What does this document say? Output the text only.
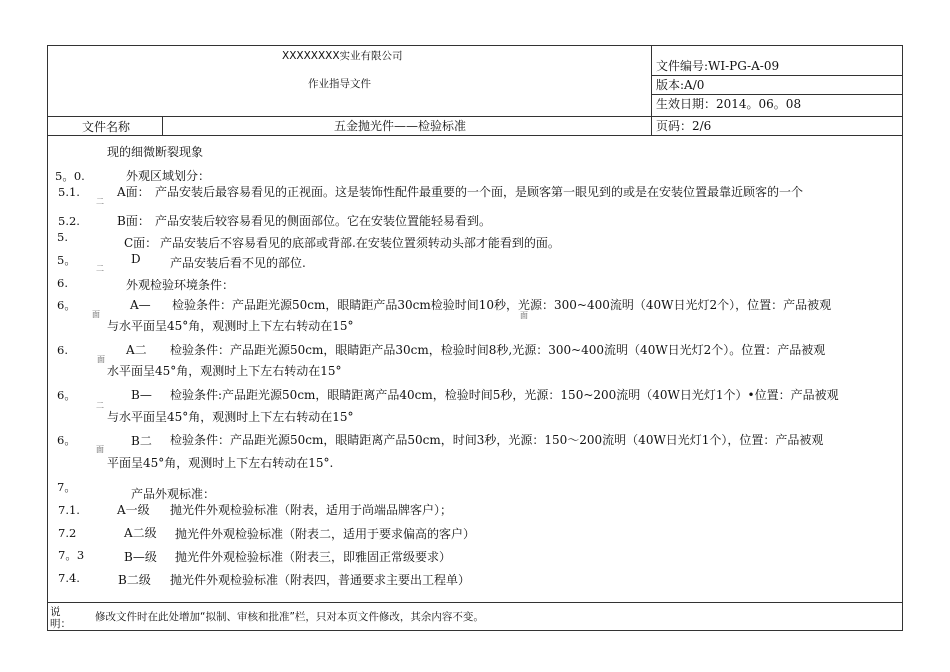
XXXXXXXX实业有限公司
作业指导文件
文件编号:WI-PG-A-09
版本:A/0
生效日期：2014。06。08
文件名称	五金抛光件——检验标准	页码：2/6
现的细微断裂现象
5。0.	外观区域划分：
5.1.	A面： 产品安装后最容易看见的正视面。这是装饰性配件最重要的一个面，是顾客第一眼见到的或是在安装位置最靠近顾客的一个
二
5.2.	B面： 产品安装后较容易看见的侧面部位。它在安装位置能轻易看到。
5.	C面： 产品安装后不容易看见的底部或背部.在安装位置须转动头部才能看到的面。
5。	D 产品安装后看不见的部位.
二
6.	外观检验环境条件：
6。	A— 检验条件：产品距光源50cm，眼睛距产品30cm检验时间10秒，光源：300~400流明（40W日光灯2个），位置：产品被观
与水平面呈45°角，观测时上下左右转动在15°
面
6.	A二 检验条件：产品距光源50cm，眼睛距产品30cm，检验时间8秒,光源：300~400流明（40W日光灯2个）。位置：产品被观
水平面呈45°角，观测时上下左右转动在15°
面
6。	B— 检验条件:产品距光源50cm，眼睛距离产品40cm，检验时间5秒，光源：150~200流明（40W日光灯1个）•位置：产品被观
与水平面呈45°角，观测时上下左右转动在15°
二
6。	B二 检验条件：产品距光源50cm，眼睛距离产品50cm，时间3秒，光源：150～200流明（40W日光灯1个），位置：产品被观
平面呈45°角，观测时上下左右转动在15°.
面
7。	产品外观标准：
7.1.	A一级 抛光件外观检验标准（附表，适用于尚端品牌客户）；
7.2	A二级 抛光件外观检验标准（附表二，适用于要求偏高的客户）
7。3	B—级 抛光件外观检验标准（附表三，即雅固正常级要求）
7.4.	B二级 抛光件外观检验标准（附表四，普通要求主要出工程单）
面
说明：
修改文件时在此处增加“拟制、审核和批准”栏，只对本页文件修改，其余内容不变。
